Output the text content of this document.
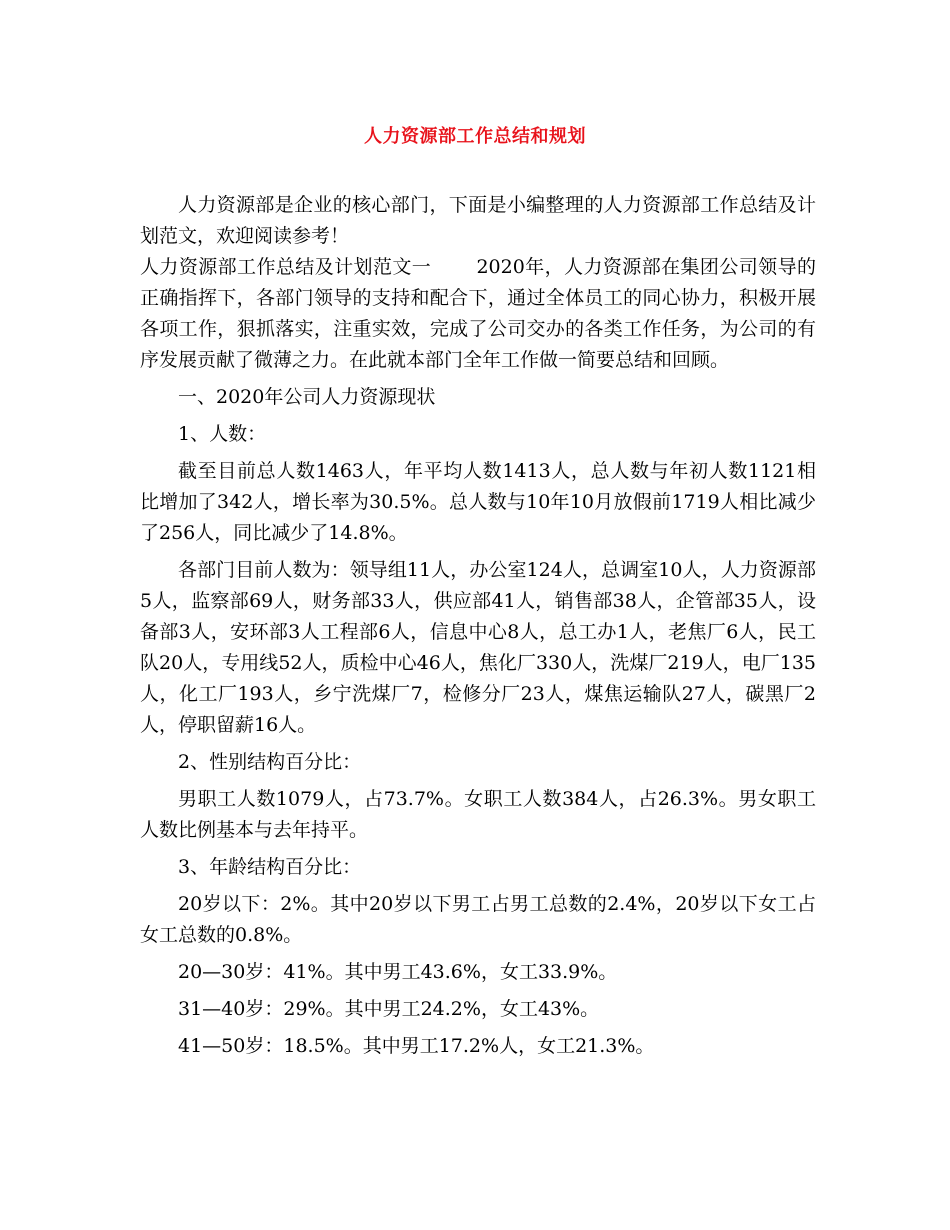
人力资源部工作总结和规划

人力资源部是企业的核心部门，下面是小编整理的人力资源部工作总结及计划范文，欢迎阅读参考！

人力资源部工作总结及计划范文一　　 2020年，人力资源部在集团公司领导的正确指挥下，各部门领导的支持和配合下，通过全体员工的同心协力，积极开展各项工作，狠抓落实，注重实效，完成了公司交办的各类工作任务，为公司的有序发展贡献了微薄之力。在此就本部门全年工作做一简要总结和回顾。

一、2020年公司人力资源现状

1、人数：

截至目前总人数1463人，年平均人数1413人，总人数与年初人数1121相比增加了342人，增长率为30.5%。总人数与10年10月放假前1719人相比减少了256人，同比减少了14.8%。

各部门目前人数为：领导组11人，办公室124人，总调室10人，人力资源部5人，监察部69人，财务部33人，供应部41人，销售部38人，企管部35人，设备部3人，安环部3人工程部6人，信息中心8人，总工办1人，老焦厂6人，民工队20人，专用线52人，质检中心46人，焦化厂330人，洗煤厂219人，电厂135人，化工厂193人，乡宁洗煤厂7，检修分厂23人，煤焦运输队27人，碳黑厂2人，停职留薪16人。

2、性别结构百分比：

男职工人数1079人，占73.7%。女职工人数384人，占26.3%。男女职工人数比例基本与去年持平。

3、年龄结构百分比：

20岁以下：2%。其中20岁以下男工占男工总数的2.4%，20岁以下女工占女工总数的0.8%。

20—30岁：41%。其中男工43.6%，女工33.9%。

31—40岁：29%。其中男工24.2%，女工43%。

41—50岁：18.5%。其中男工17.2%人，女工21.3%。
